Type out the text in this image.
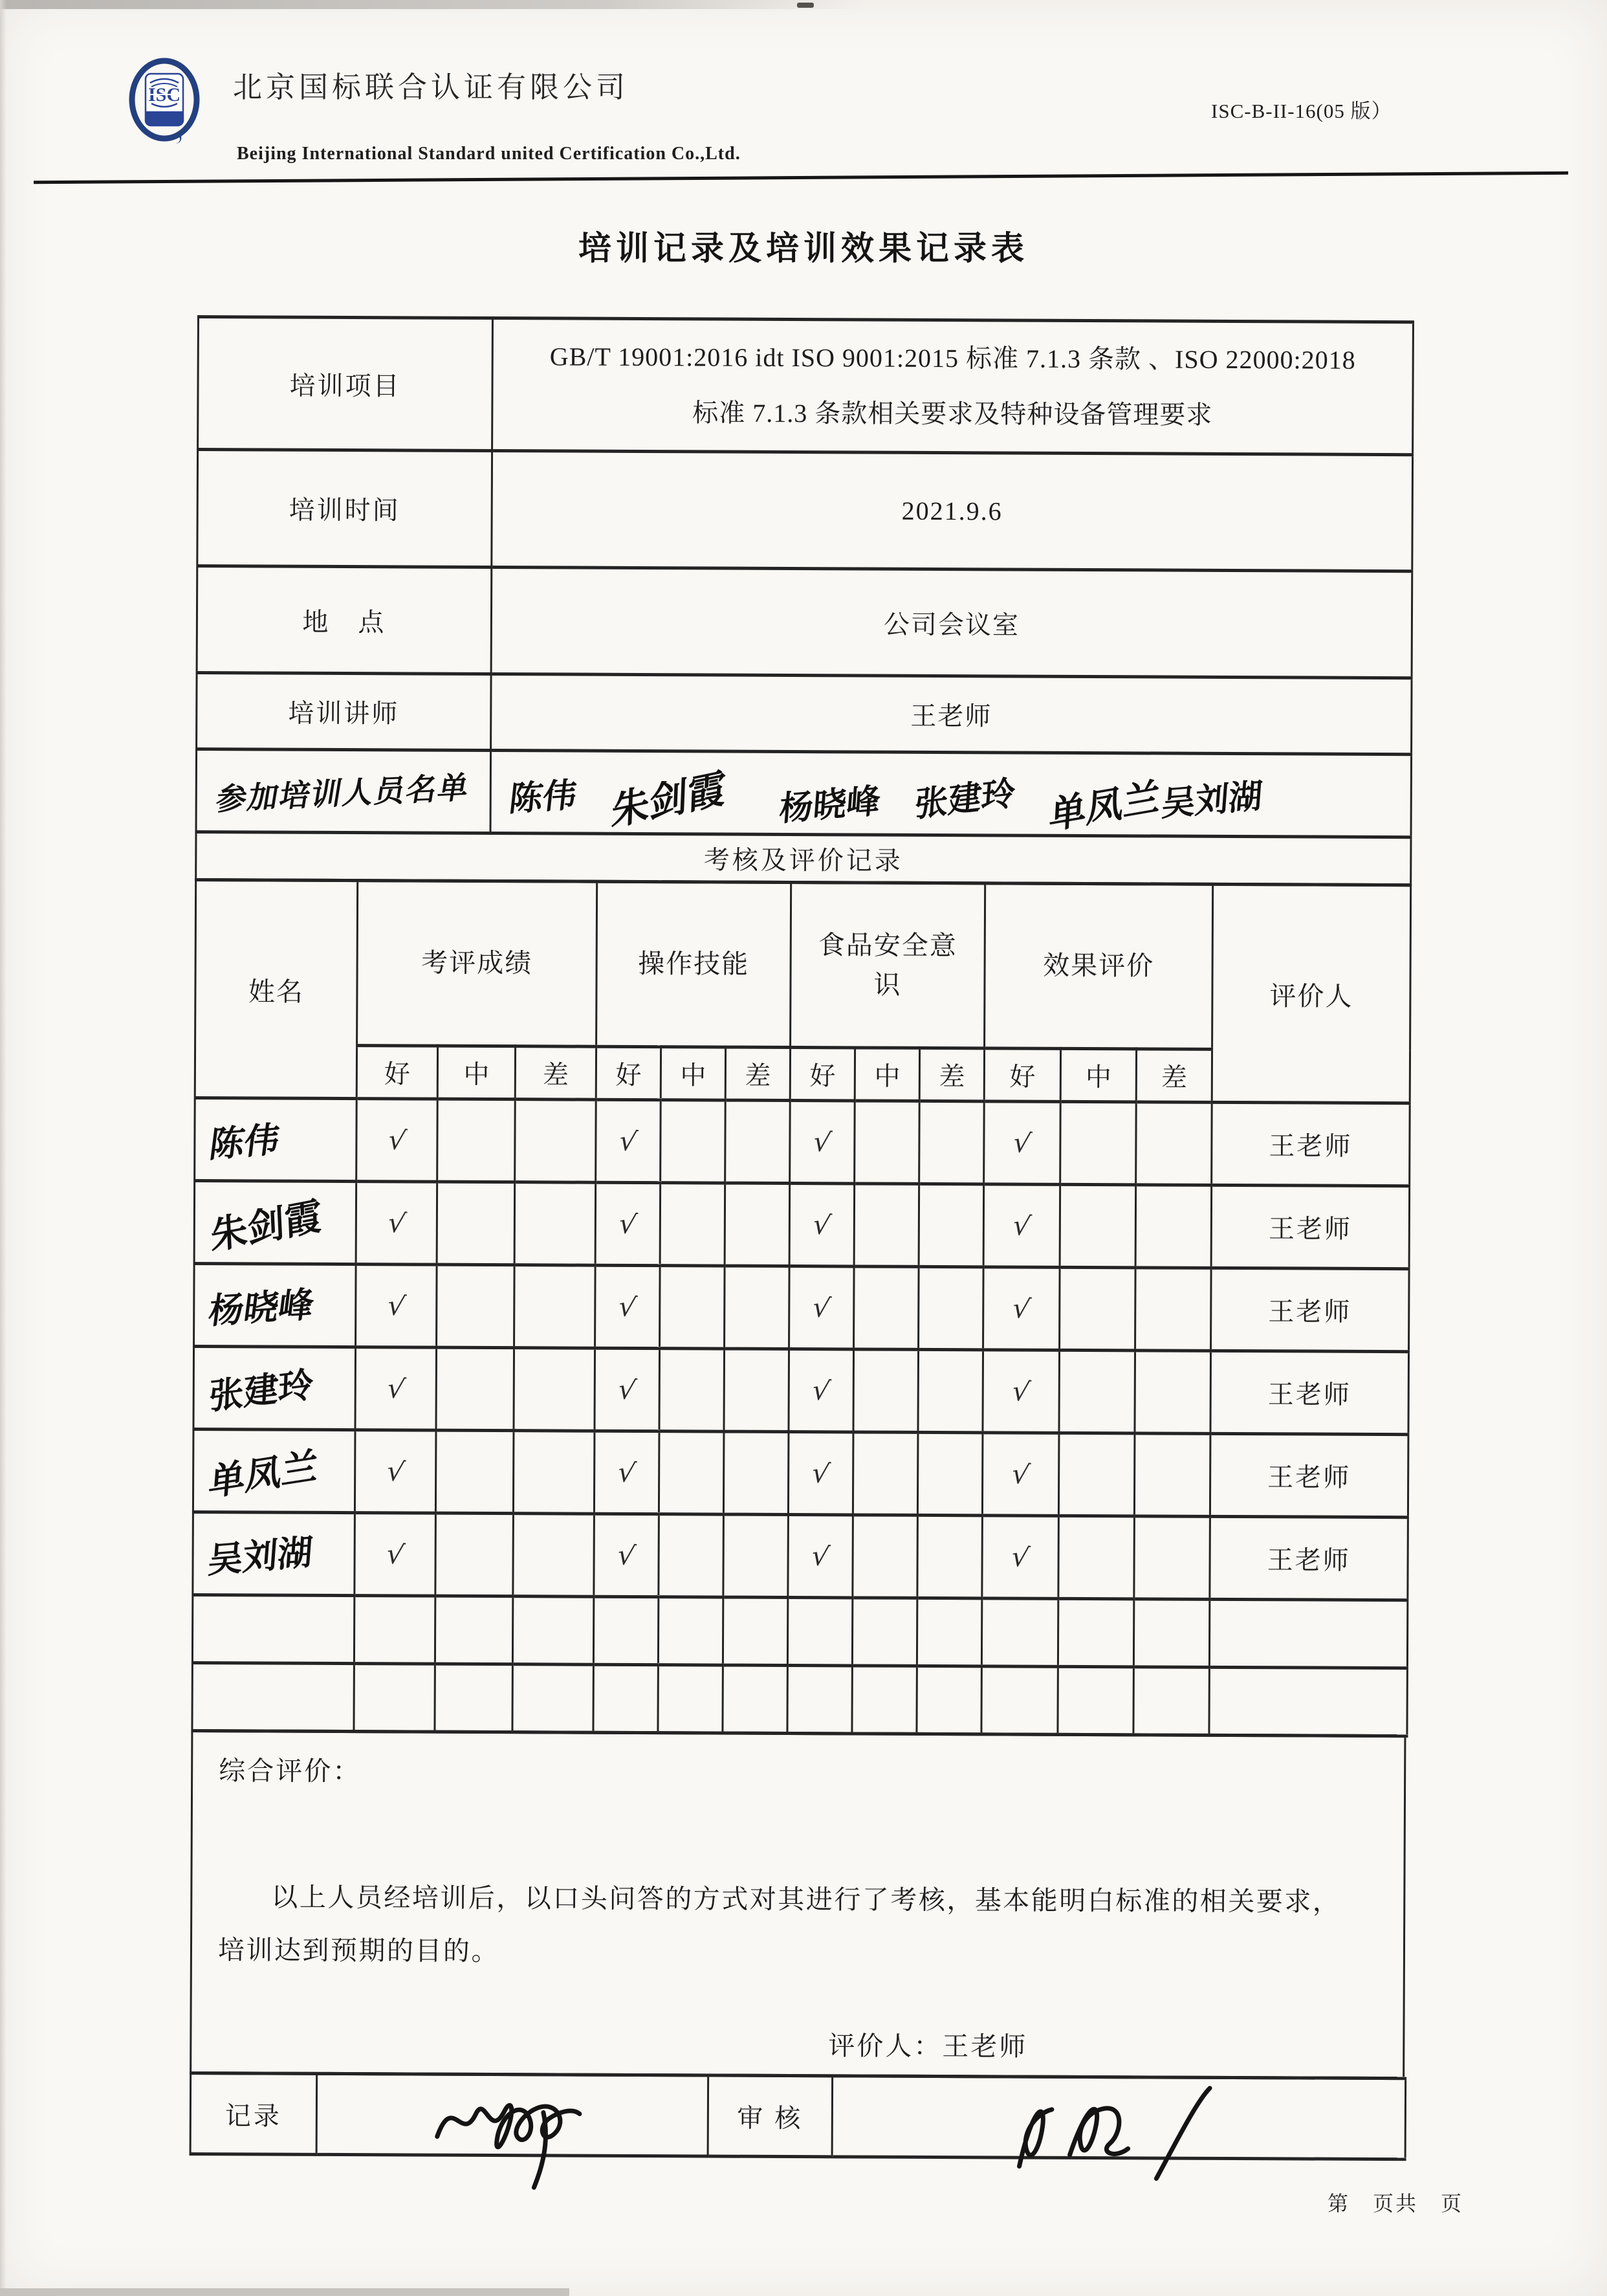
ISC 北京国标联合认证有限公司
Beijing International Standard united Certification Co.,Ltd.
ISC-B-II-16(05 版）
培训记录及培训效果记录表
培训项目	GB/T 19001:2016 idt ISO 9001:2015 标准 7.1.3 条款 、ISO 22000:2018
标准 7.1.3 条款相关要求及特种设备管理要求

培训时间	2021.9.6
地　点	公司会议室
培训讲师	王老师
参加培训人员名单	陈伟 朱剑霞 杨晓峰 张建玲 单凤兰吴刘湖
考核及评价记录	
姓名	考评成绩			操作技能			食品安全意识			效果评价			评价人
	好	中	差	好	中	差	好	中	差	好	中	差	
陈伟	√			√			√			√			王老师
朱剑霞	√			√			√			√			王老师
杨晓峰	√			√			√			√			王老师
张建玲	√			√			√			√			王老师
单凤兰	√			√			√			√			王老师
吴刘湖	√			√			√			√			王老师

综合评价：
以上人员经培训后，以口头问答的方式对其进行了考核，基本能明白标准的相关要求，培训达到预期的目的。
评价人：王老师
记录		审 核	
第　页共　页
